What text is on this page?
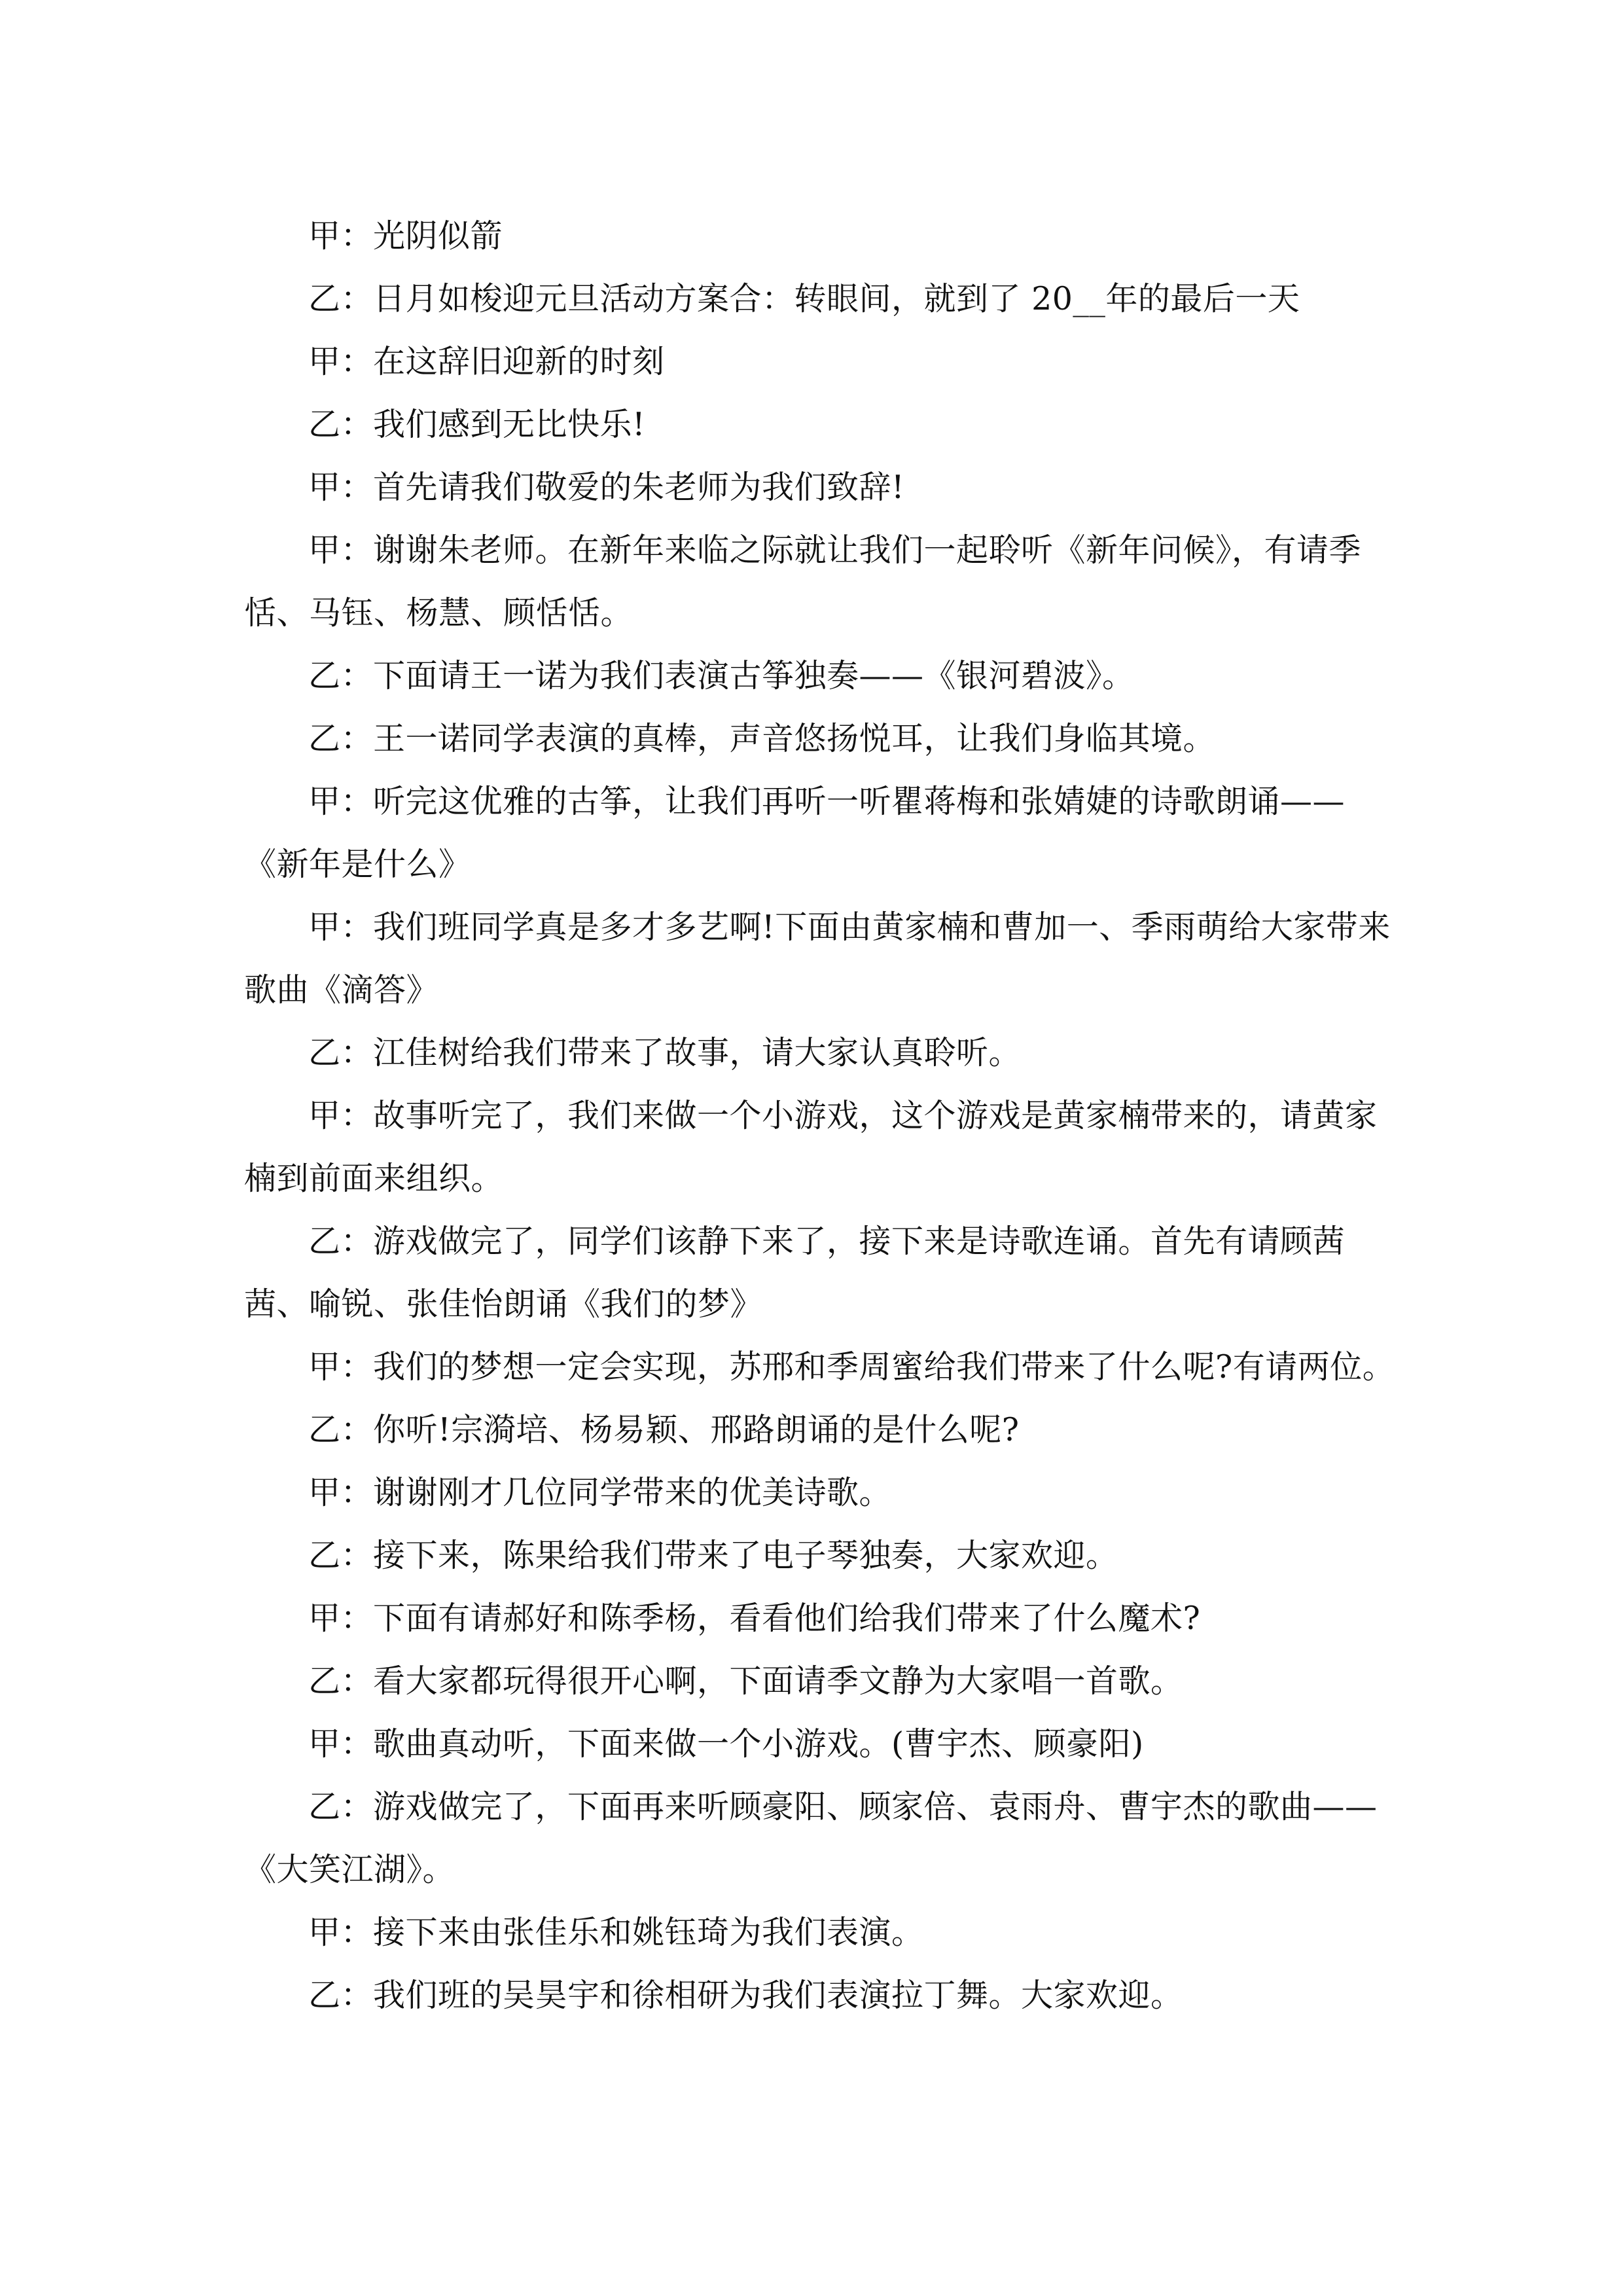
甲：光阴似箭

乙：日月如梭迎元旦活动方案合：转眼间，就到了 20__年的最后一天

甲：在这辞旧迎新的时刻

乙：我们感到无比快乐!

甲：首先请我们敬爱的朱老师为我们致辞!

甲：谢谢朱老师。在新年来临之际就让我们一起聆听《新年问候》，有请季恬、马钰、杨慧、顾恬恬。

乙：下面请王一诺为我们表演古筝独奏——《银河碧波》。

乙：王一诺同学表演的真棒，声音悠扬悦耳，让我们身临其境。

甲：听完这优雅的古筝，让我们再听一听瞿蒋梅和张婧婕的诗歌朗诵——《新年是什么》

甲：我们班同学真是多才多艺啊!下面由黄家楠和曹加一、季雨萌给大家带来歌曲《滴答》

乙：江佳树给我们带来了故事，请大家认真聆听。

甲：故事听完了，我们来做一个小游戏，这个游戏是黄家楠带来的，请黄家楠到前面来组织。

乙：游戏做完了，同学们该静下来了，接下来是诗歌连诵。首先有请顾茜茜、喻锐、张佳怡朗诵《我们的梦》

甲：我们的梦想一定会实现，苏邢和季周蜜给我们带来了什么呢?有请两位。

乙：你听!宗漪培、杨易颖、邢路朗诵的是什么呢?

甲：谢谢刚才几位同学带来的优美诗歌。

乙：接下来，陈果给我们带来了电子琴独奏，大家欢迎。

甲：下面有请郝好和陈季杨，看看他们给我们带来了什么魔术?

乙：看大家都玩得很开心啊，下面请季文静为大家唱一首歌。

甲：歌曲真动听，下面来做一个小游戏。(曹宇杰、顾豪阳)

乙：游戏做完了，下面再来听顾豪阳、顾家倍、袁雨舟、曹宇杰的歌曲——《大笑江湖》。

甲：接下来由张佳乐和姚钰琦为我们表演。

乙：我们班的吴昊宇和徐相研为我们表演拉丁舞。大家欢迎。
